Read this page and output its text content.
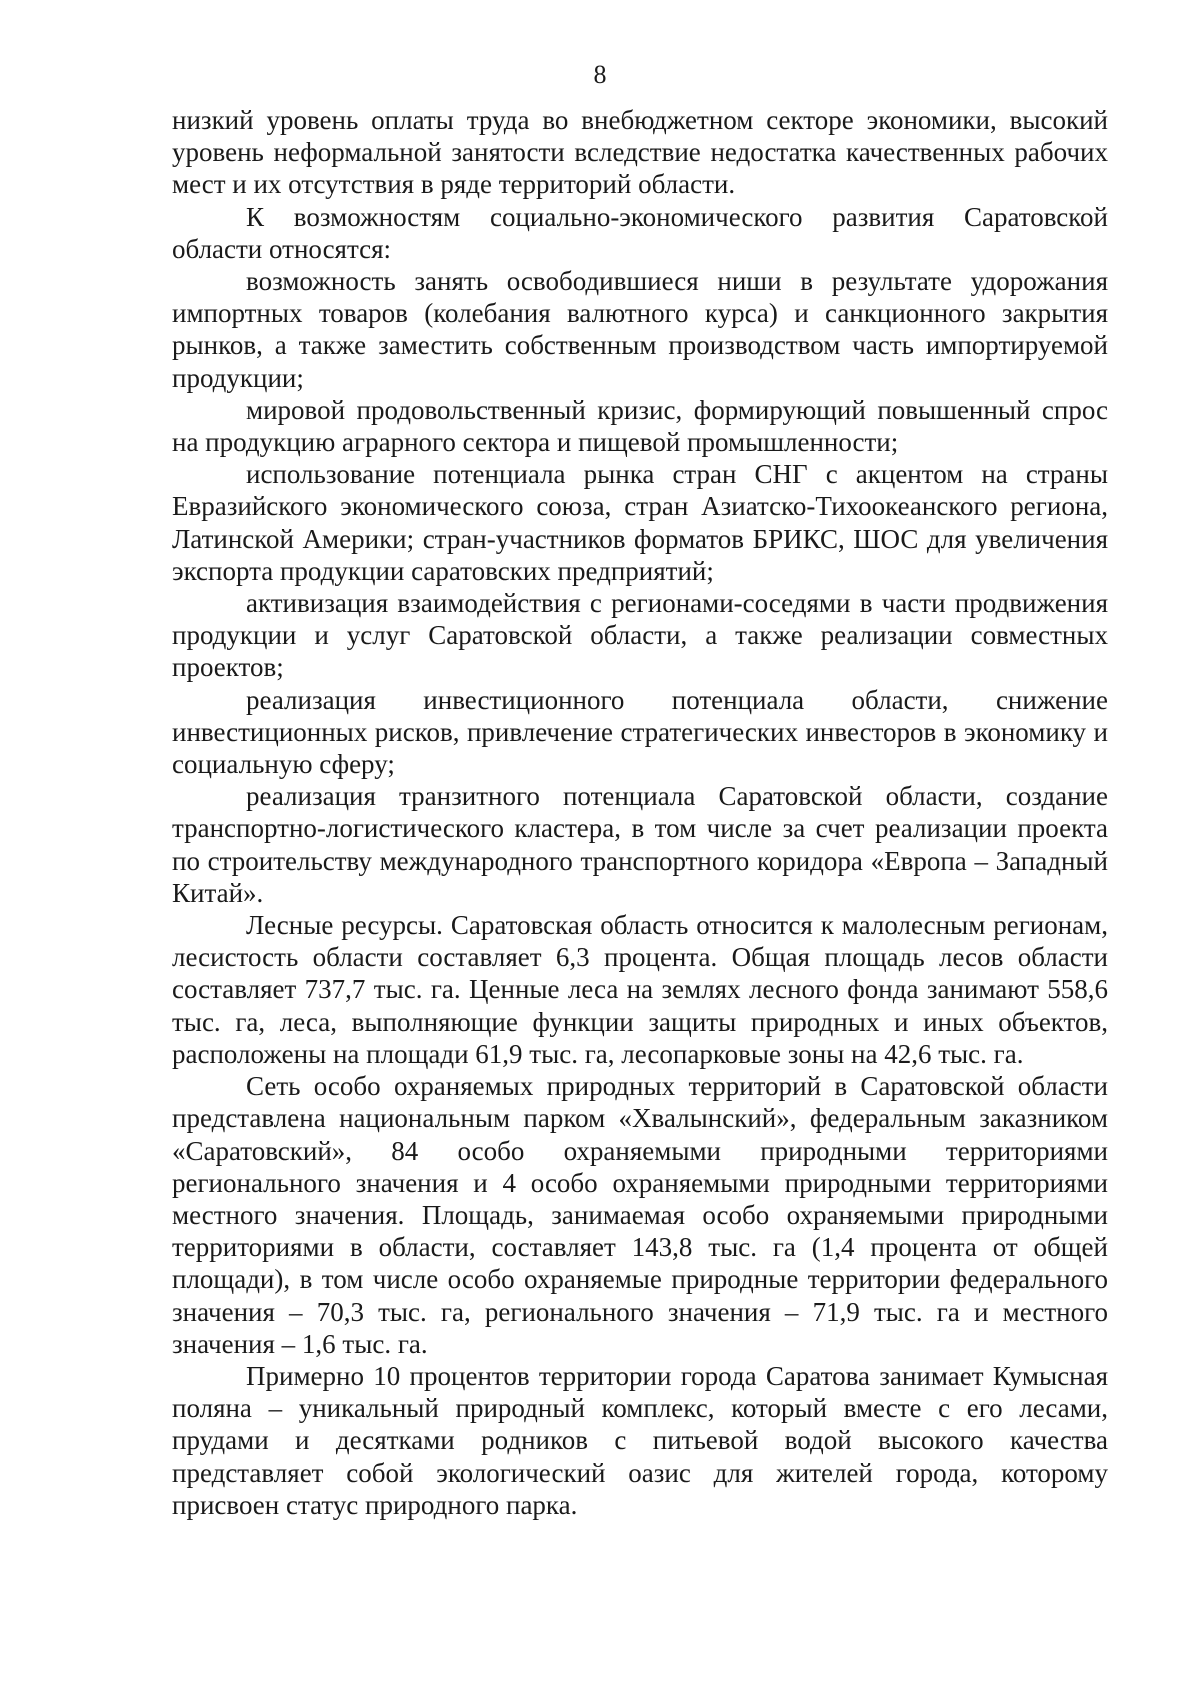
8

низкий уровень оплаты труда во внебюджетном секторе экономики, высокий уровень неформальной занятости вследствие недостатка качественных рабочих мест и их отсутствия в ряде территорий области.

К возможностям социально-экономического развития Саратовской области относятся:

возможность занять освободившиеся ниши в результате удорожания импортных товаров (колебания валютного курса) и санкционного закрытия рынков, а также заместить собственным производством часть импортируемой продукции;

мировой продовольственный кризис, формирующий повышенный спрос на продукцию аграрного сектора и пищевой промышленности;

использование потенциала рынка стран СНГ с акцентом на страны Евразийского экономического союза, стран Азиатско-Тихоокеанского региона, Латинской Америки; стран-участников форматов БРИКС, ШОС для увеличения экспорта продукции саратовских предприятий;

активизация взаимодействия с регионами-соседями в части продвижения продукции и услуг Саратовской области, а также реализации совместных проектов;

реализация инвестиционного потенциала области, снижение инвестиционных рисков, привлечение стратегических инвесторов в экономику и социальную сферу;

реализация транзитного потенциала Саратовской области, создание транспортно-логистического кластера, в том числе за счет реализации проекта по строительству международного транспортного коридора «Европа – Западный Китай».

Лесные ресурсы. Саратовская область относится к малолесным регионам, лесистость области составляет 6,3 процента. Общая площадь лесов области составляет 737,7 тыс. га. Ценные леса на землях лесного фонда занимают 558,6 тыс. га, леса, выполняющие функции защиты природных и иных объектов, расположены на площади 61,9 тыс. га, лесопарковые зоны на 42,6 тыс. га.

Сеть особо охраняемых природных территорий в Саратовской области представлена национальным парком «Хвалынский», федеральным заказником «Саратовский», 84 особо охраняемыми природными территориями регионального значения и 4 особо охраняемыми природными территориями местного значения. Площадь, занимаемая особо охраняемыми природными территориями в области, составляет 143,8 тыс. га (1,4 процента от общей площади), в том числе особо охраняемые природные территории федерального значения – 70,3 тыс. га, регионального значения – 71,9 тыс. га и местного значения – 1,6 тыс. га.

Примерно 10 процентов территории города Саратова занимает Кумысная поляна – уникальный природный комплекс, который вместе с его лесами, прудами и десятками родников с питьевой водой высокого качества представляет собой экологический оазис для жителей города, которому присвоен статус природного парка.
